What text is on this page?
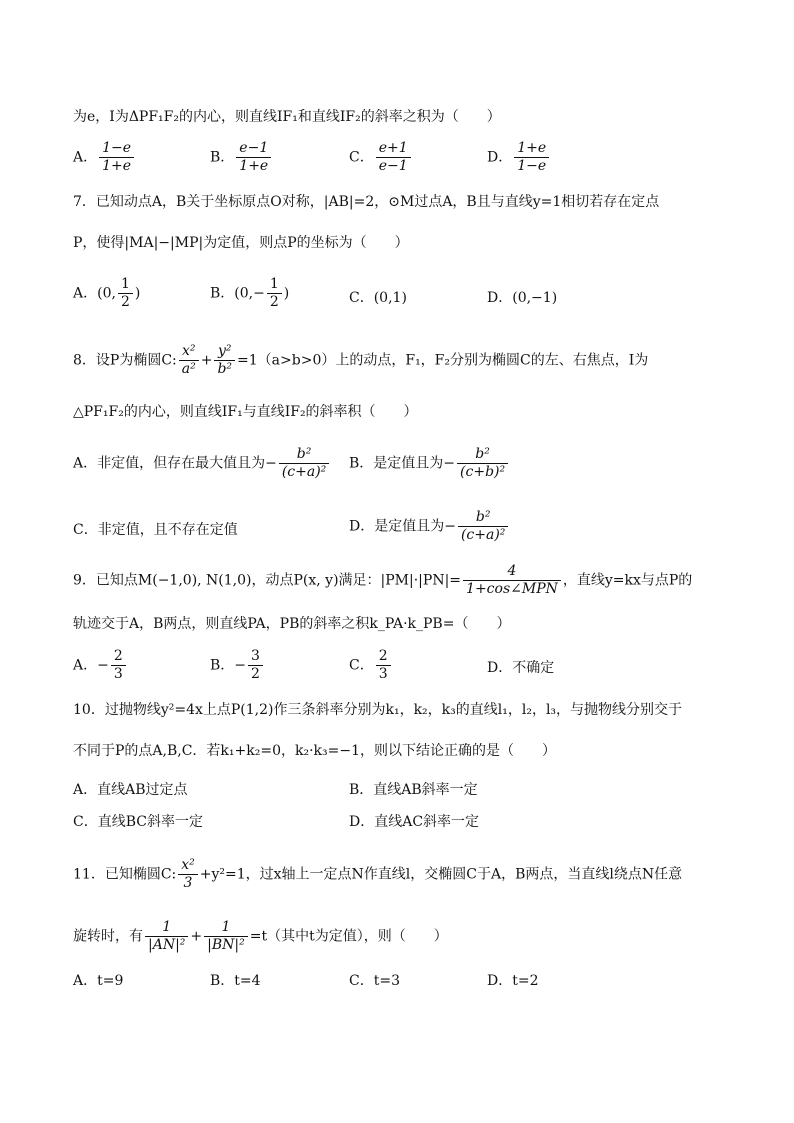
为e，I为ΔPF₁F₂的内心，则直线IF₁和直线IF₂的斜率之积为（　　）
A． $\frac{1-e}{1+e}$	B． $\frac{e-1}{1+e}$	C． $\frac{e+1}{e-1}$	D． $\frac{1+e}{1-e}$
7．已知动点A，B关于坐标原点O对称，|AB|=2，⊙M过点A，B且与直线y=1相切若存在定点
P，使得|MA|−|MP|为定值，则点P的坐标为（　　）
A．(0, $\frac{1}{2}$ )	B．($0,- \frac{1}{2}$ )	C．(0,1)	D．(0,−1)
8．设P为椭圆C: $\frac{\text{x²}}{\text{a²}} + \frac{\text{y²}}{\text{b²}} =1(a>b>0)$上的动点，F₁，F₂分别为椭圆C的左、右焦点，I为
△PF₁F₂的内心，则直线IF₁与直线IF₂的斜率积（　　）
A．非定值，但存在最大值且为− $\frac{\text{b²}}{\text{(c+a)²}}$ B．是定值且为− $\frac{\text{b²}}{\text{(c+b)²}}$
C．非定值，且不存在定值	D．是定值且为− $\frac{\text{b²}}{\text{(c+a)²}}$
9．已知点M(−1,0), N(1,0)，动点P(x, y)满足：$|PM|\cdot|PN|= \frac{4}{\text{1+cos∠MPN}}$ ，直线y=kx与点P的
轨迹交于A，B两点，则直线PA，PB的斜率之积k_PA·k_PB=（　　）
A．− $\frac{2}{3}$	B．− $\frac{3}{2}$	C． $\frac{2}{3}$	D．不确定
10．过抛物线y²=4x上点P(1,2)作三条斜率分别为k₁，k₂，k₃的直线l₁，l₂，l₃，与抛物线分别交于
不同于P的点A,B,C．若k₁+k₂=0，k₂·k₃=−1，则以下结论正确的是（　　）
A．直线AB过定点	B．直线AB斜率一定
C．直线BC斜率一定	D．直线AC斜率一定
11．已知椭圆C: $\frac{\text{x²}}{3} +y^2=1$，过x轴上一定点N作直线l，交椭圆C于A，B两点，当直线l绕点N任意
旋转时，有 $\frac{1}{\text{|AN|²}} + \frac{1}{\text{|BN|²}} =t$（其中t为定值），则（　　）
A．t=9	B．t=4	C．t=3	D．t=2
